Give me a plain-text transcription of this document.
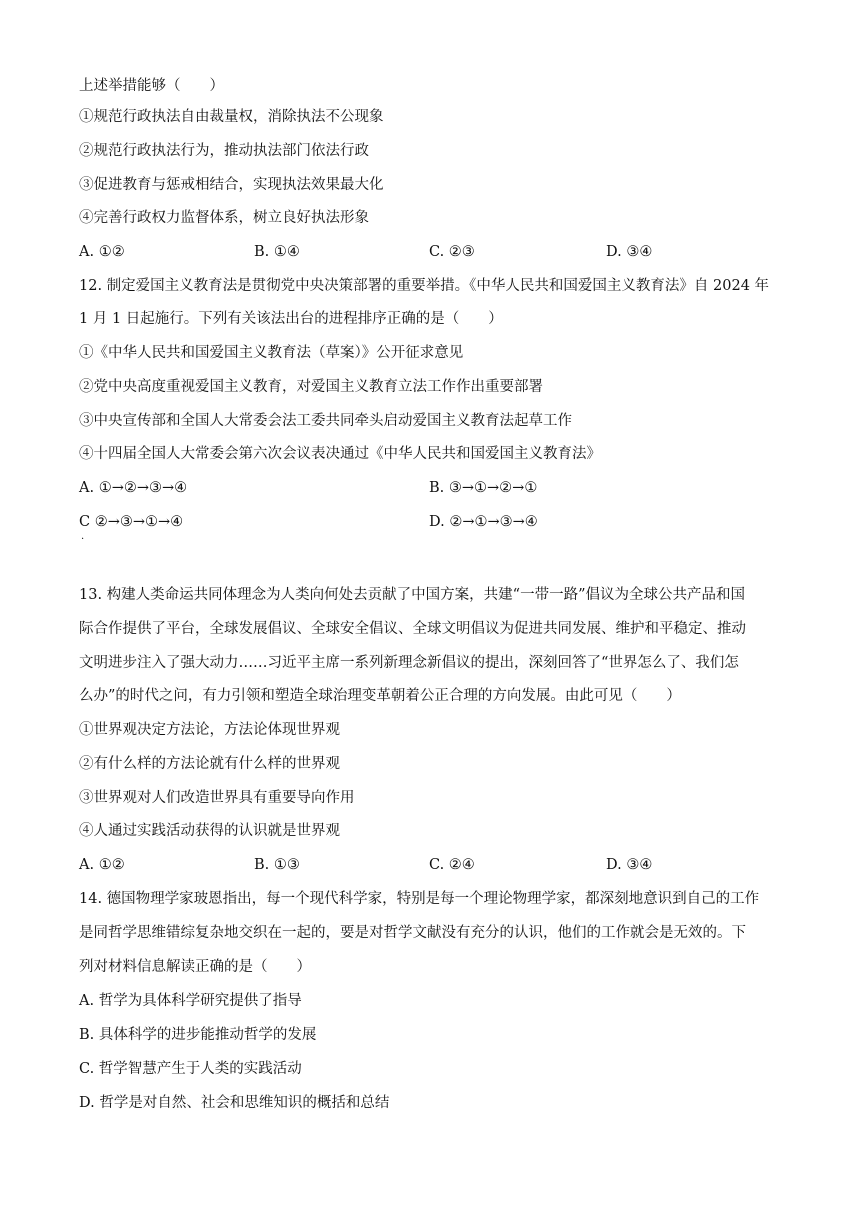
上述举措能够（　　）
①规范行政执法自由裁量权，消除执法不公现象
②规范行政执法行为，推动执法部门依法行政
③促进教育与惩戒相结合，实现执法效果最大化
④完善行政权力监督体系，树立良好执法形象
A. ①②	B. ①④	C. ②③	D. ③④
12. 制定爱国主义教育法是贯彻党中央决策部署的重要举措。《中华人民共和国爱国主义教育法》自 2024 年
1 月 1 日起施行。下列有关该法出台的进程排序正确的是（　　）
①《中华人民共和国爱国主义教育法（草案）》公开征求意见
②党中央高度重视爱国主义教育，对爱国主义教育立法工作作出重要部署
③中央宣传部和全国人大常委会法工委共同牵头启动爱国主义教育法起草工作
④十四届全国人大常委会第六次会议表决通过《中华人民共和国爱国主义教育法》
A. ①→②→③→④	B. ③→①→②→①
C ②→③→①→④
.
D. ②→①→③→④
13. 构建人类命运共同体理念为人类向何处去贡献了中国方案，共建“一带一路”倡议为全球公共产品和国
际合作提供了平台，全球发展倡议、全球安全倡议、全球文明倡议为促进共同发展、维护和平稳定、推动
文明进步注入了强大动力……习近平主席一系列新理念新倡议的提出，深刻回答了“世界怎么了、我们怎
么办”的时代之问，有力引领和塑造全球治理变革朝着公正合理的方向发展。由此可见（　　）
①世界观决定方法论，方法论体现世界观
②有什么样的方法论就有什么样的世界观
③世界观对人们改造世界具有重要导向作用
④人通过实践活动获得的认识就是世界观
A. ①②	B. ①③	C. ②④	D. ③④
14. 德国物理学家玻恩指出，每一个现代科学家，特别是每一个理论物理学家，都深刻地意识到自己的工作
是同哲学思维错综复杂地交织在一起的，要是对哲学文献没有充分的认识，他们的工作就会是无效的。下
列对材料信息解读正确的是（　　）
A. 哲学为具体科学研究提供了指导
B. 具体科学的进步能推动哲学的发展
C. 哲学智慧产生于人类的实践活动
D. 哲学是对自然、社会和思维知识的概括和总结
